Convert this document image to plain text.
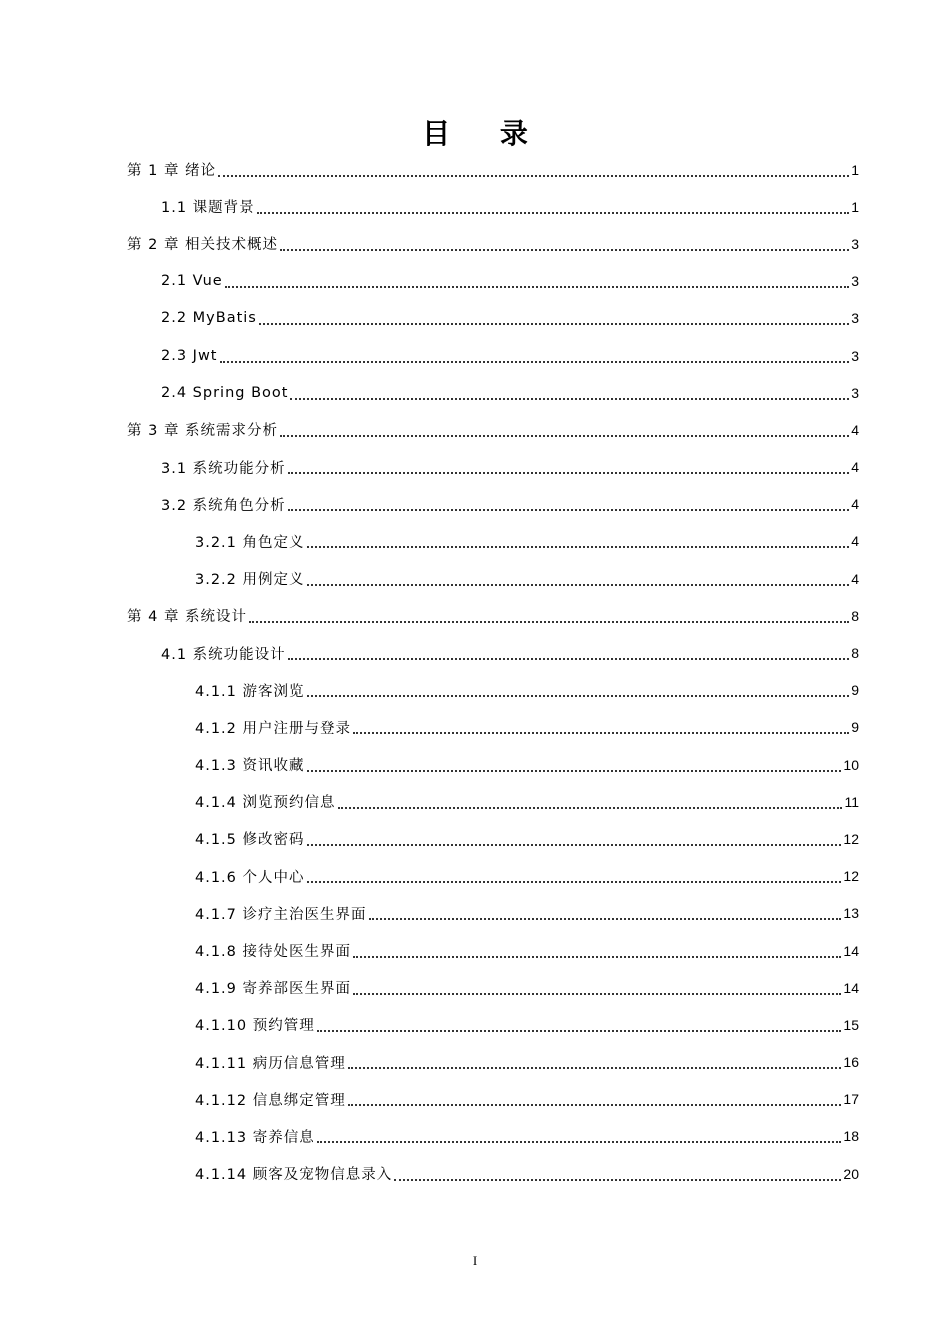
目 录
第 1 章 绪论	1
1.1 课题背景	1
第 2 章 相关技术概述	3
2.1 Vue	3
2.2 MyBatis	3
2.3 Jwt	3
2.4 Spring Boot	3
第 3 章 系统需求分析	4
3.1 系统功能分析	4
3.2 系统角色分析	4
3.2.1 角色定义	4
3.2.2 用例定义	4
第 4 章 系统设计	8
4.1 系统功能设计	8
4.1.1 游客浏览	9
4.1.2 用户注册与登录	9
4.1.3 资讯收藏	10
4.1.4 浏览预约信息	11
4.1.5 修改密码	12
4.1.6 个人中心	12
4.1.7 诊疗主治医生界面	13
4.1.8 接待处医生界面	14
4.1.9 寄养部医生界面	14
4.1.10 预约管理	15
4.1.11 病历信息管理	16
4.1.12 信息绑定管理	17
4.1.13 寄养信息	18
4.1.14 顾客及宠物信息录入	20
I
